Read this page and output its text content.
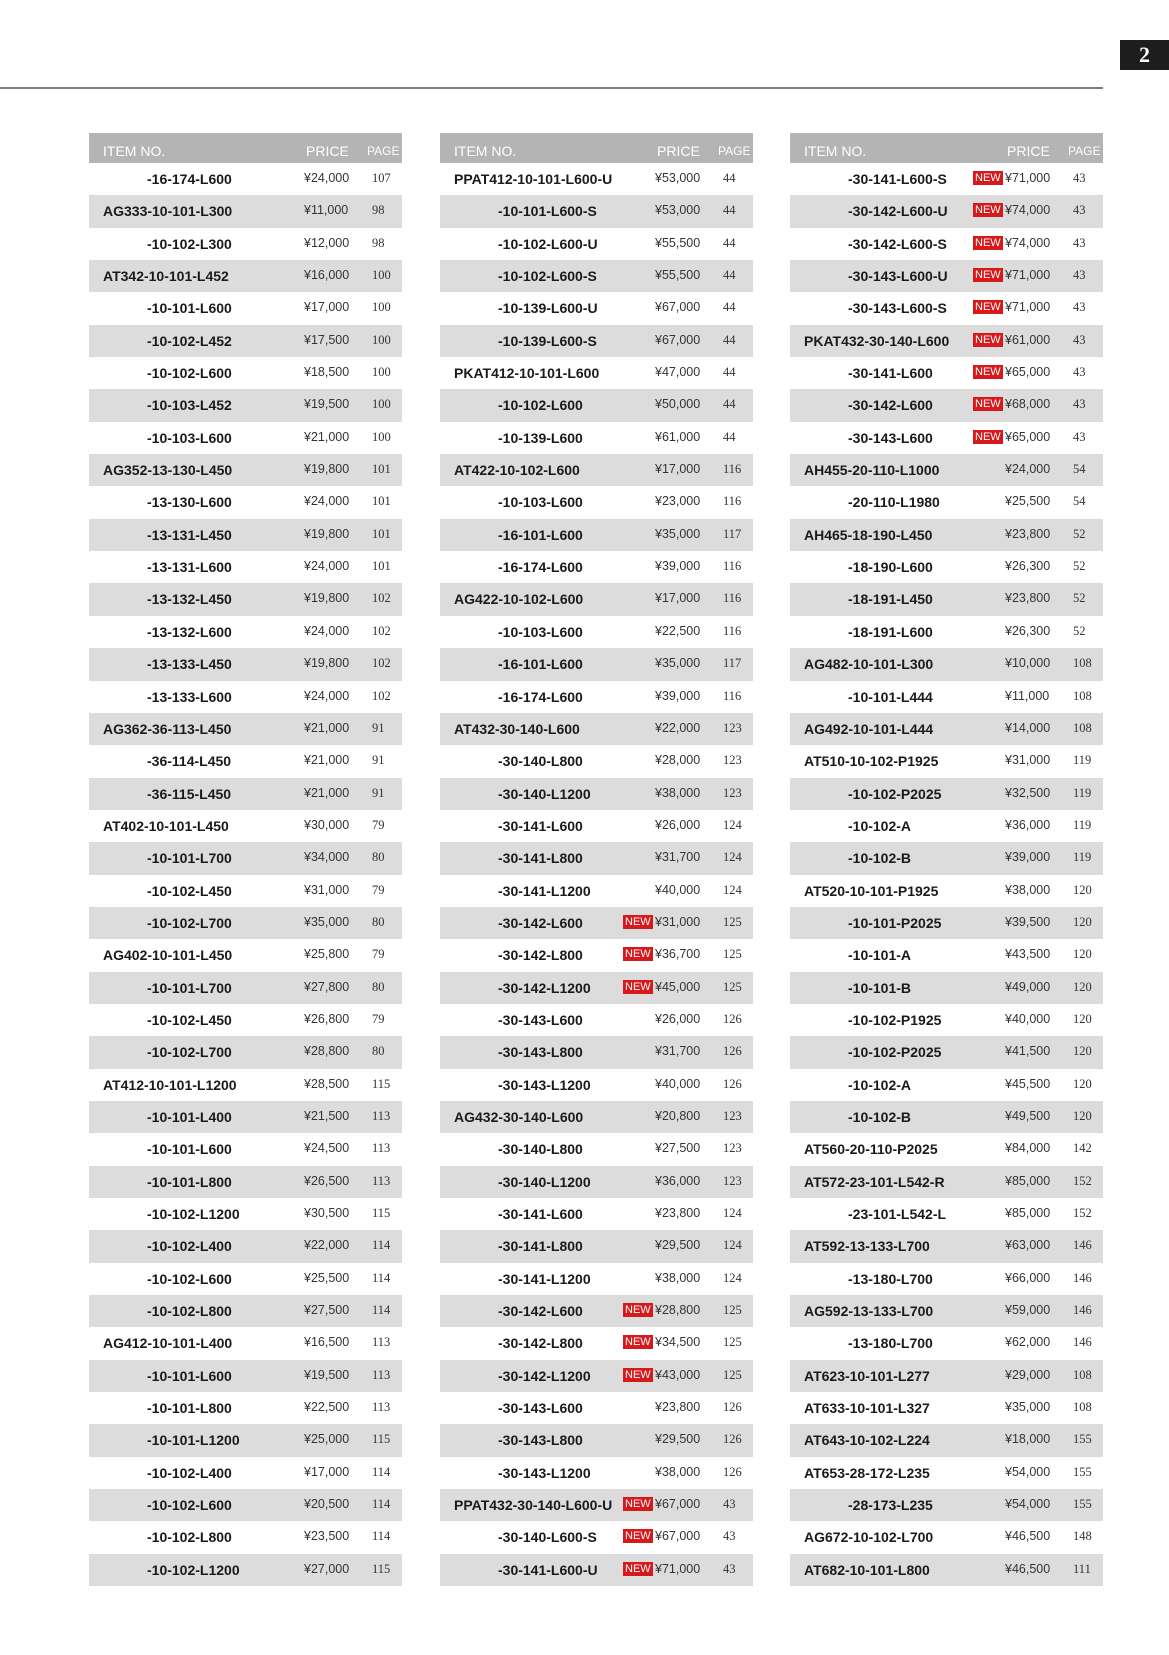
2
ITEM NO.	PRICE PAGE
-16-174-L600	¥24,000 107
AG333-10-101-L300	¥11,000 98
-10-102-L300	¥12,000 98
AT342-10-101-L452	¥16,000 100
-10-101-L600	¥17,000 100
-10-102-L452	¥17,500 100
-10-102-L600	¥18,500 100
-10-103-L452	¥19,500 100
-10-103-L600	¥21,000 100
AG352-13-130-L450	¥19,800 101
-13-130-L600	¥24,000 101
-13-131-L450	¥19,800 101
-13-131-L600	¥24,000 101
-13-132-L450	¥19,800 102
-13-132-L600	¥24,000 102
-13-133-L450	¥19,800 102
-13-133-L600	¥24,000 102
AG362-36-113-L450	¥21,000 91
-36-114-L450	¥21,000 91
-36-115-L450	¥21,000 91
AT402-10-101-L450	¥30,000 79
-10-101-L700	¥34,000 80
-10-102-L450	¥31,000 79
-10-102-L700	¥35,000 80
AG402-10-101-L450	¥25,800 79
-10-101-L700	¥27,800 80
-10-102-L450	¥26,800 79
-10-102-L700	¥28,800 80
AT412-10-101-L1200	¥28,500 115
-10-101-L400	¥21,500 113
-10-101-L600	¥24,500 113
-10-101-L800	¥26,500 113
-10-102-L1200	¥30,500 115
-10-102-L400	¥22,000 114
-10-102-L600	¥25,500 114
-10-102-L800	¥27,500 114
AG412-10-101-L400	¥16,500 113
-10-101-L600	¥19,500 113
-10-101-L800	¥22,500 113
-10-101-L1200	¥25,000 115
-10-102-L400	¥17,000 114
-10-102-L600	¥20,500 114
-10-102-L800	¥23,500 114
-10-102-L1200	¥27,000 115
ITEM NO.	PRICE PAGE
PPAT412-10-101-L600-U	¥53,000 44
-10-101-L600-S	¥53,000 44
-10-102-L600-U	¥55,500 44
-10-102-L600-S	¥55,500 44
-10-139-L600-U	¥67,000 44
-10-139-L600-S	¥67,000 44
PKAT412-10-101-L600	¥47,000 44
-10-102-L600	¥50,000 44
-10-139-L600	¥61,000 44
AT422-10-102-L600	¥17,000 116
-10-103-L600	¥23,000 116
-16-101-L600	¥35,000 117
-16-174-L600	¥39,000 116
AG422-10-102-L600	¥17,000 116
-10-103-L600	¥22,500 116
-16-101-L600	¥35,000 117
-16-174-L600	¥39,000 116
AT432-30-140-L600	¥22,000 123
-30-140-L800	¥28,000 123
-30-140-L1200	¥38,000 123
-30-141-L600	¥26,000 124
-30-141-L800	¥31,700 124
-30-141-L1200	¥40,000 124
-30-142-L600	NEW ¥31,000 125
-30-142-L800	NEW ¥36,700 125
-30-142-L1200	NEW ¥45,000 125
-30-143-L600	¥26,000 126
-30-143-L800	¥31,700 126
-30-143-L1200	¥40,000 126
AG432-30-140-L600	¥20,800 123
-30-140-L800	¥27,500 123
-30-140-L1200	¥36,000 123
-30-141-L600	¥23,800 124
-30-141-L800	¥29,500 124
-30-141-L1200	¥38,000 124
-30-142-L600	NEW ¥28,800 125
-30-142-L800	NEW ¥34,500 125
-30-142-L1200	NEW ¥43,000 125
-30-143-L600	¥23,800 126
-30-143-L800	¥29,500 126
-30-143-L1200	¥38,000 126
PPAT432-30-140-L600-U NEW ¥67,000 43
-30-140-L600-S	NEW ¥67,000 43
-30-141-L600-U NEW ¥71,000 43
ITEM NO.	PRICE PAGE
-30-141-L600-S	NEW ¥71,000 43
-30-142-L600-U NEW ¥74,000 43
-30-142-L600-S	NEW ¥74,000 43
-30-143-L600-U NEW ¥71,000 43
-30-143-L600-S	NEW ¥71,000 43
PKAT432-30-140-L600 NEW ¥61,000 43
-30-141-L600	NEW ¥65,000 43
-30-142-L600	NEW ¥68,000 43
-30-143-L600	NEW ¥65,000 43
AH455-20-110-L1000	¥24,000 54
-20-110-L1980	¥25,500 54
AH465-18-190-L450	¥23,800 52
-18-190-L600	¥26,300 52
-18-191-L450	¥23,800 52
-18-191-L600	¥26,300 52
AG482-10-101-L300	¥10,000 108
-10-101-L444	¥11,000 108
AG492-10-101-L444	¥14,000 108
AT510-10-102-P1925	¥31,000 119
-10-102-P2025	¥32,500 119
-10-102-A	¥36,000 119
-10-102-B	¥39,000 119
AT520-10-101-P1925	¥38,000 120
-10-101-P2025	¥39,500 120
-10-101-A	¥43,500 120
-10-101-B	¥49,000 120
-10-102-P1925	¥40,000 120
-10-102-P2025	¥41,500 120
-10-102-A	¥45,500 120
-10-102-B	¥49,500 120
AT560-20-110-P2025	¥84,000 142
AT572-23-101-L542-R	¥85,000 152
-23-101-L542-L	¥85,000 152
AT592-13-133-L700	¥63,000 146
-13-180-L700	¥66,000 146
AG592-13-133-L700	¥59,000 146
-13-180-L700	¥62,000 146
AT623-10-101-L277	¥29,000 108
AT633-10-101-L327	¥35,000 108
AT643-10-102-L224	¥18,000 155
AT653-28-172-L235	¥54,000 155
-28-173-L235	¥54,000 155
AG672-10-102-L700	¥46,500 148
AT682-10-101-L800	¥46,500 111
